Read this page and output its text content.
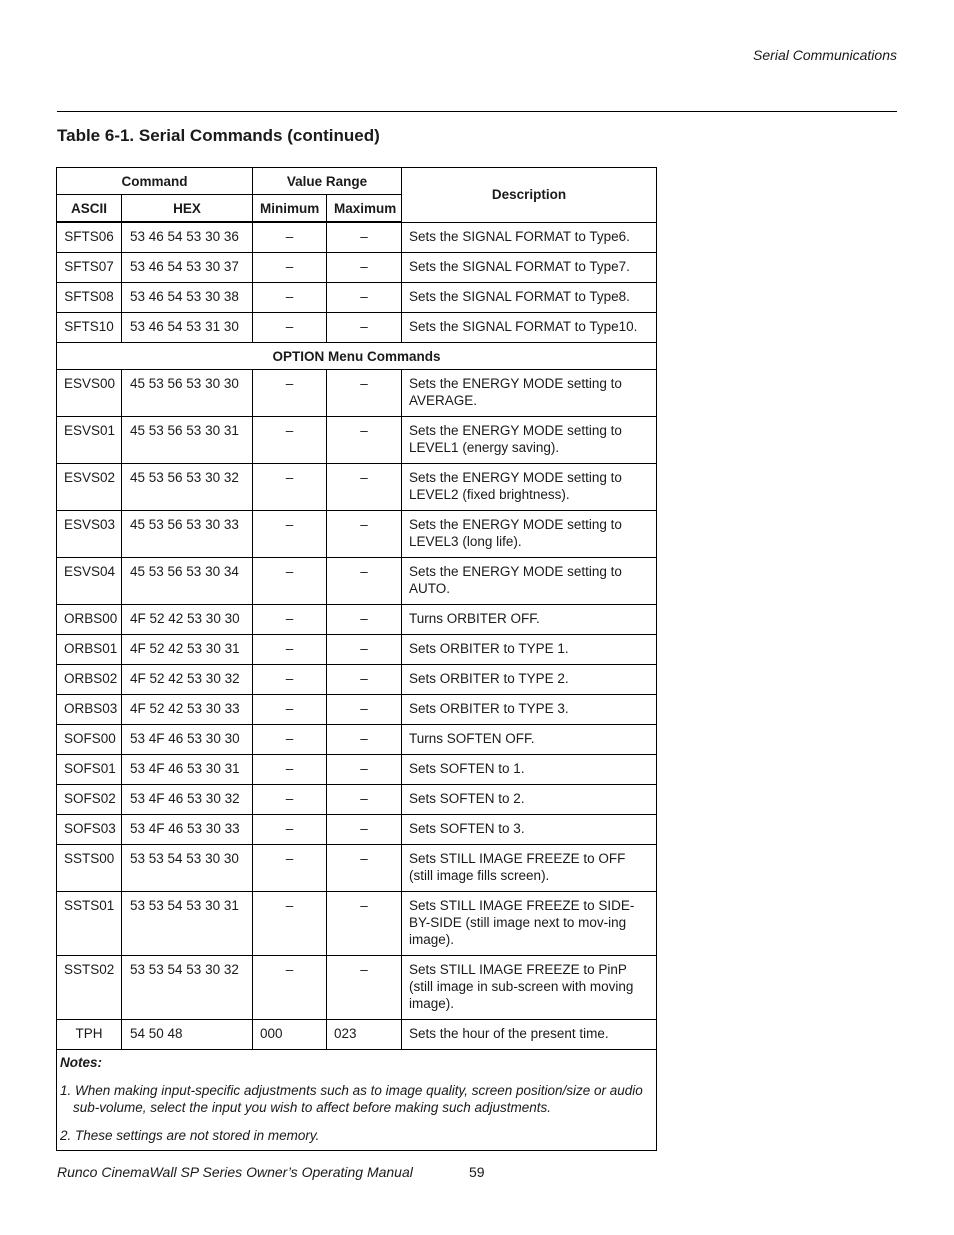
Serial Communications
Table 6-1. Serial Commands (continued)
Command		Value Range		Description
ASCII	HEX	Minimum	Maximum	
SFTS06	53 46 54 53 30 36	–	–	Sets the SIGNAL FORMAT to Type6.
SFTS07	53 46 54 53 30 37	–	–	Sets the SIGNAL FORMAT to Type7.
SFTS08	53 46 54 53 30 38	–	–	Sets the SIGNAL FORMAT to Type8.
SFTS10	53 46 54 53 31 30	–	–	Sets the SIGNAL FORMAT to Type10.
OPTION Menu Commands				
ESVS00	45 53 56 53 30 30	–	–	Sets the ENERGY MODE setting to AVERAGE.
ESVS01	45 53 56 53 30 31	–	–	Sets the ENERGY MODE setting to LEVEL1 (energy saving).
ESVS02	45 53 56 53 30 32	–	–	Sets the ENERGY MODE setting to LEVEL2 (fixed brightness).
ESVS03	45 53 56 53 30 33	–	–	Sets the ENERGY MODE setting to LEVEL3 (long life).
ESVS04	45 53 56 53 30 34	–	–	Sets the ENERGY MODE setting to AUTO.
ORBS00	4F 52 42 53 30 30	–	–	Turns ORBITER OFF.
ORBS01	4F 52 42 53 30 31	–	–	Sets ORBITER to TYPE 1.
ORBS02	4F 52 42 53 30 32	–	–	Sets ORBITER to TYPE 2.
ORBS03	4F 52 42 53 30 33	–	–	Sets ORBITER to TYPE 3.
SOFS00	53 4F 46 53 30 30	–	–	Turns SOFTEN OFF.
SOFS01	53 4F 46 53 30 31	–	–	Sets SOFTEN to 1.
SOFS02	53 4F 46 53 30 32	–	–	Sets SOFTEN to 2.
SOFS03	53 4F 46 53 30 33	–	–	Sets SOFTEN to 3.
SSTS00	53 53 54 53 30 30	–	–	Sets STILL IMAGE FREEZE to OFF (still image fills screen).
SSTS01	53 53 54 53 30 31	–	–	Sets STILL IMAGE FREEZE to SIDE-BY-SIDE (still image next to mov-ing image).
SSTS02	53 53 54 53 30 32	–	–	Sets STILL IMAGE FREEZE to PinP (still image in sub-screen with moving image).
TPH	54 50 48	000	023	Sets the hour of the present time.

Notes:

1. When making input-specific adjustments such as to image quality, screen position/size or audio sub-volume, select the input you wish to affect before making such adjustments.

2. These settings are not stored in memory.				

Runco CinemaWall SP Series Owner’s Operating Manual	59
